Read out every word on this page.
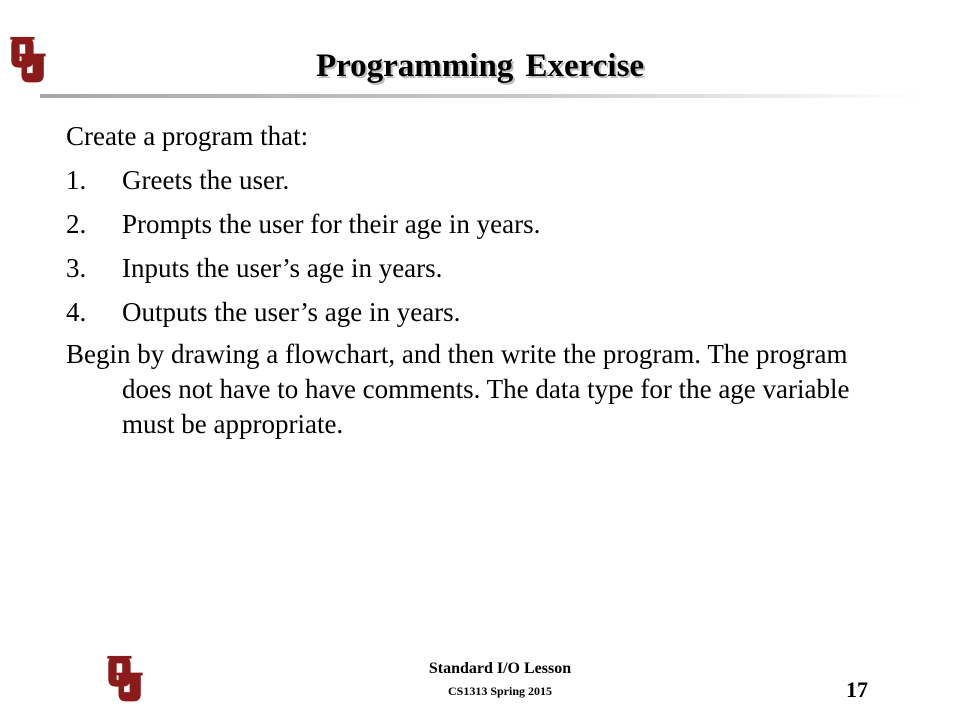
Programming Exercise
Create a program that:
1.	Greets the user.
2.	Prompts the user for their age in years.
3.	Inputs the user’s age in years.
4.	Outputs the user’s age in years.
Begin by drawing a flowchart, and then write the program. The program does not have to have comments. The data type for the age variable must be appropriate.
Standard I/O Lesson
CS1313 Spring 2015	17
